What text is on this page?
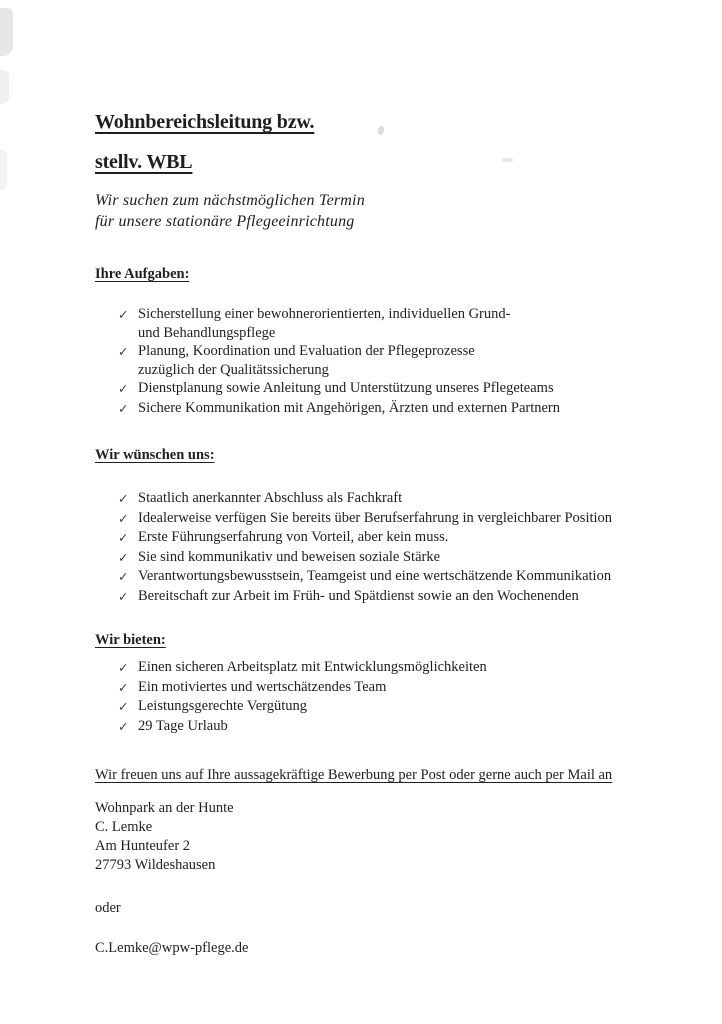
Wohnbereichsleitung bzw.
stellv. WBL

Wir suchen zum nächstmöglichen Termin
für unsere stationäre Pflegeeinrichtung

Ihre Aufgaben:
✓ Sicherstellung einer bewohnerorientierten, individuellen Grund-
und Behandlungspflege
✓ Planung, Koordination und Evaluation der Pflegeprozesse
zuzüglich der Qualitätssicherung
✓ Dienstplanung sowie Anleitung und Unterstützung unseres Pflegeteams
✓ Sichere Kommunikation mit Angehörigen, Ärzten und externen Partnern
Wir wünschen uns:
✓ Staatlich anerkannter Abschluss als Fachkraft
✓ Idealerweise verfügen Sie bereits über Berufserfahrung in vergleichbarer Position
✓ Erste Führungserfahrung von Vorteil, aber kein muss.
✓ Sie sind kommunikativ und beweisen soziale Stärke
✓ Verantwortungsbewusstsein, Teamgeist und eine wertschätzende Kommunikation
✓ Bereitschaft zur Arbeit im Früh- und Spätdienst sowie an den Wochenenden
Wir bieten:
✓ Einen sicheren Arbeitsplatz mit Entwicklungsmöglichkeiten
✓ Ein motiviertes und wertschätzendes Team
✓ Leistungsgerechte Vergütung
✓ 29 Tage Urlaub

Wir freuen uns auf Ihre aussagekräftige Bewerbung per Post oder gerne auch per Mail an

Wohnpark an der Hunte
C. Lemke
Am Hunteufer 2
27793 Wildeshausen

oder

C.Lemke@wpw-pflege.de
